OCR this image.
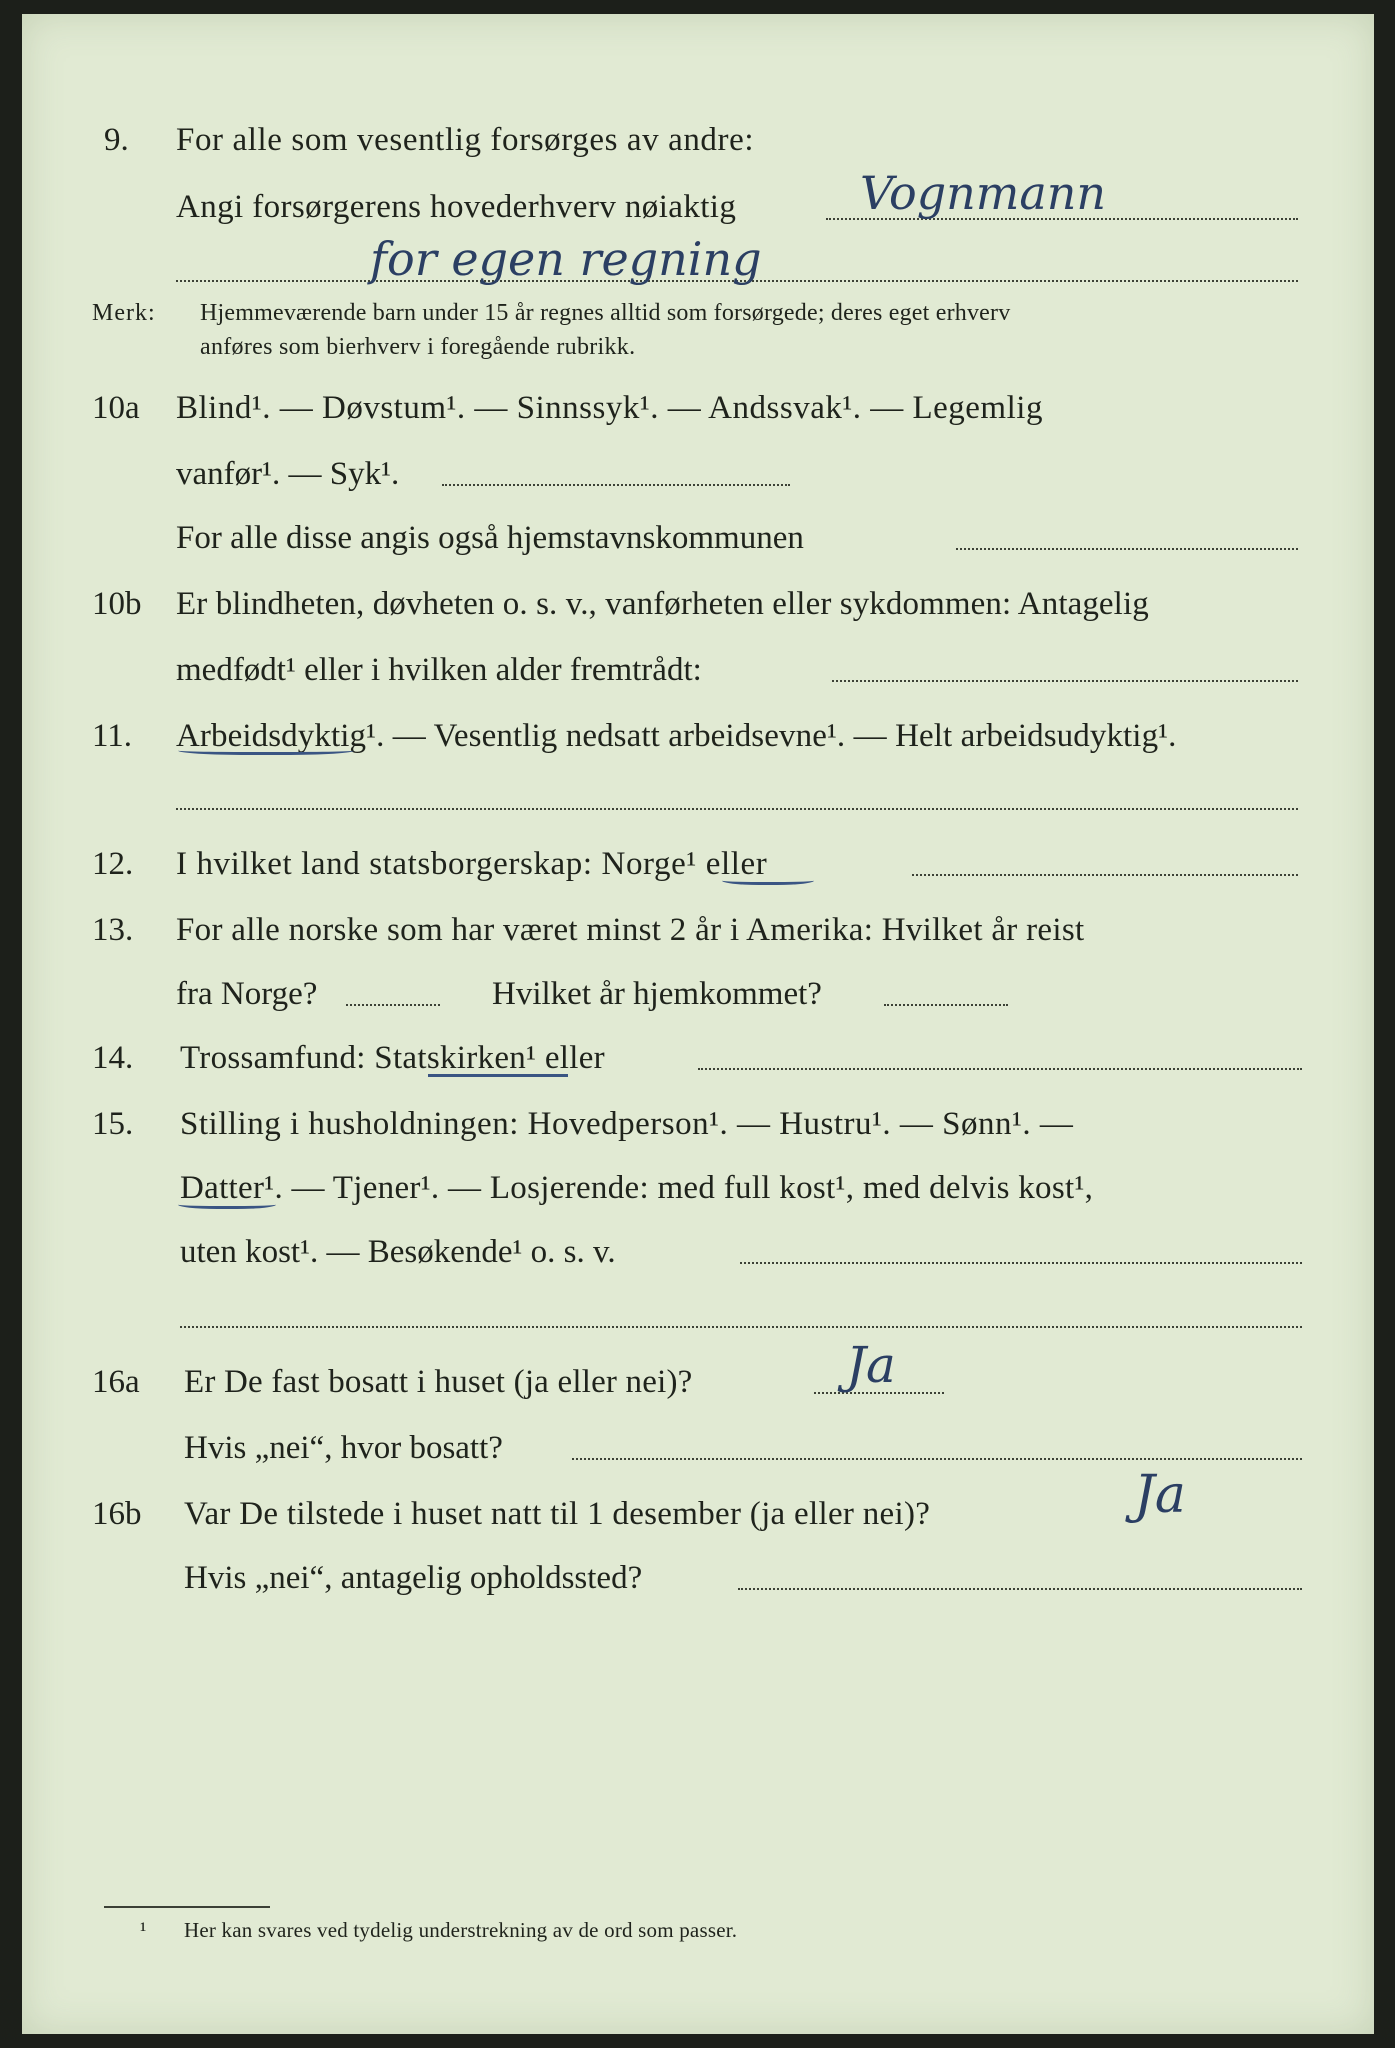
9. For alle som vesentlig forsørges av andre:
Angi forsørgerens hovederhverv nøiaktig	Vognmann
for egen regning
Merk: Hjemmeværende barn under 15 år regnes alltid som forsørgede; deres eget erhverv
anføres som bierhverv i foregående rubrikk.
10a Blind¹. — Døvstum¹. — Sinnssyk¹. — Andssvak¹. — Legemlig
vanfør¹. — Syk¹.
For alle disse angis også hjemstavnskommunen
10b Er blindheten, døvheten o. s. v., vanførheten eller sykdommen: Antagelig
medfødt¹ eller i hvilken alder fremtrådt:
11. Arbeidsdyktig¹. — Vesentlig nedsatt arbeidsevne¹. — Helt arbeidsudyktig¹.
12. I hvilket land statsborgerskap: Norge¹ eller
13. For alle norske som har været minst 2 år i Amerika: Hvilket år reist
fra Norge?	Hvilket år hjemkommet?
14. Trossamfund: Statskirken¹ eller
15. Stilling i husholdningen: Hovedperson¹. — Hustru¹. — Sønn¹. —
Datter¹. — Tjener¹. — Losjerende: med full kost¹, med delvis kost¹,
uten kost¹. — Besøkende¹ o. s. v.
16a Er De fast bosatt i huset (ja eller nei)?	Ja
Hvis „nei“, hvor bosatt?
16b Var De tilstede i huset natt til 1 desember (ja eller nei)?	Ja
Hvis „nei“, antagelig opholdssted?
¹ Her kan svares ved tydelig understrekning av de ord som passer.
